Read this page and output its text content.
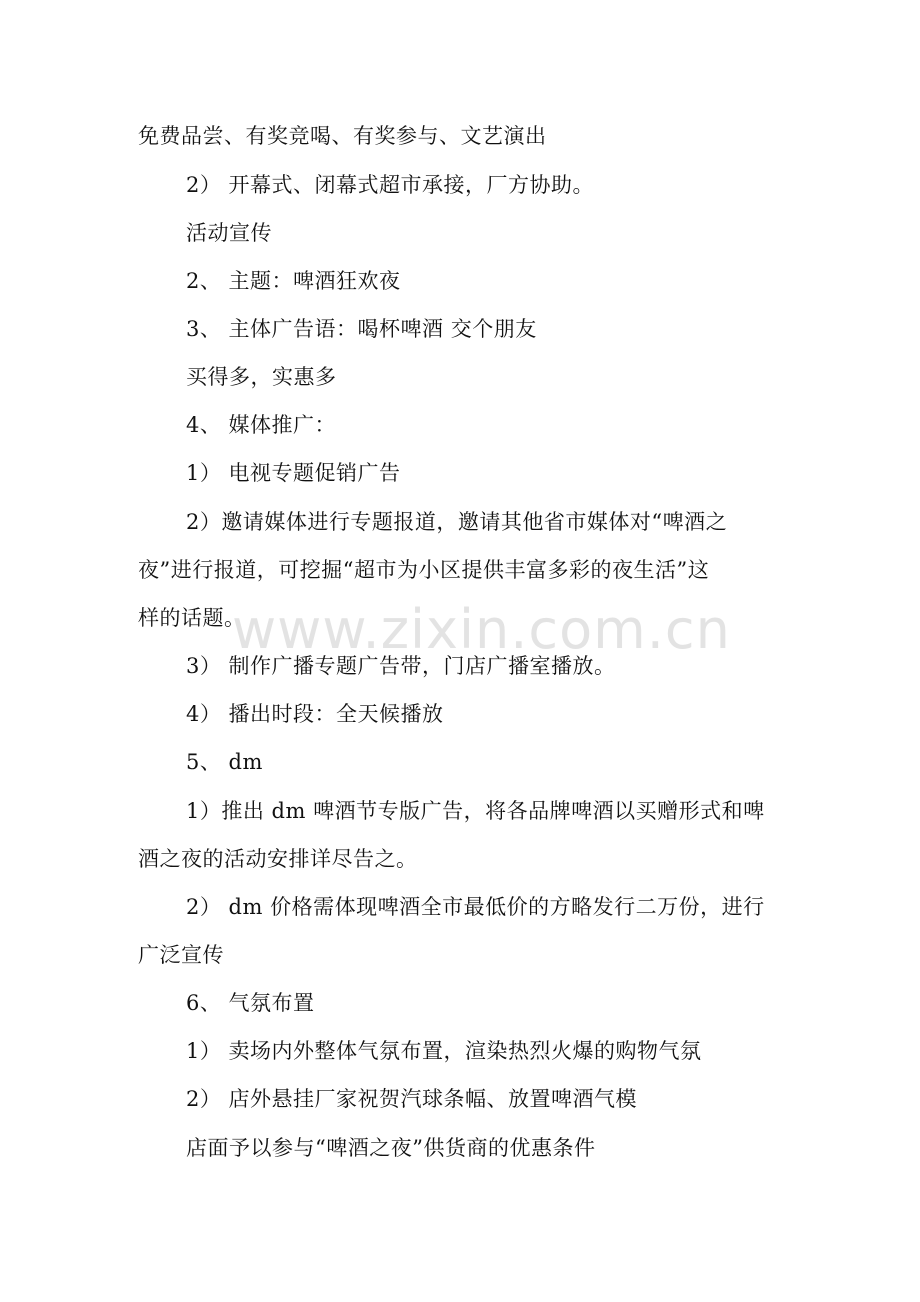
免费品尝、有奖竞喝、有奖参与、文艺演出
2） 开幕式、闭幕式超市承接，厂方协助。
活动宣传
2、 主题：啤酒狂欢夜
3、 主体广告语：喝杯啤酒 交个朋友
买得多，实惠多
4、 媒体推广：
1） 电视专题促销广告
2）邀请媒体进行专题报道，邀请其他省市媒体对“啤酒之
夜”进行报道，可挖掘“超市为小区提供丰富多彩的夜生活”这
样的话题。
3） 制作广播专题广告带，门店广播室播放。
4） 播出时段：全天候播放
5、 dm
1）推出 dm 啤酒节专版广告，将各品牌啤酒以买赠形式和啤
酒之夜的活动安排详尽告之。
2） dm 价格需体现啤酒全市最低价的方略发行二万份，进行
广泛宣传
6、 气氛布置
1） 卖场内外整体气氛布置，渲染热烈火爆的购物气氛
2） 店外悬挂厂家祝贺汽球条幅、放置啤酒气模
店面予以参与“啤酒之夜”供货商的优惠条件
www.zixin.com.cn
